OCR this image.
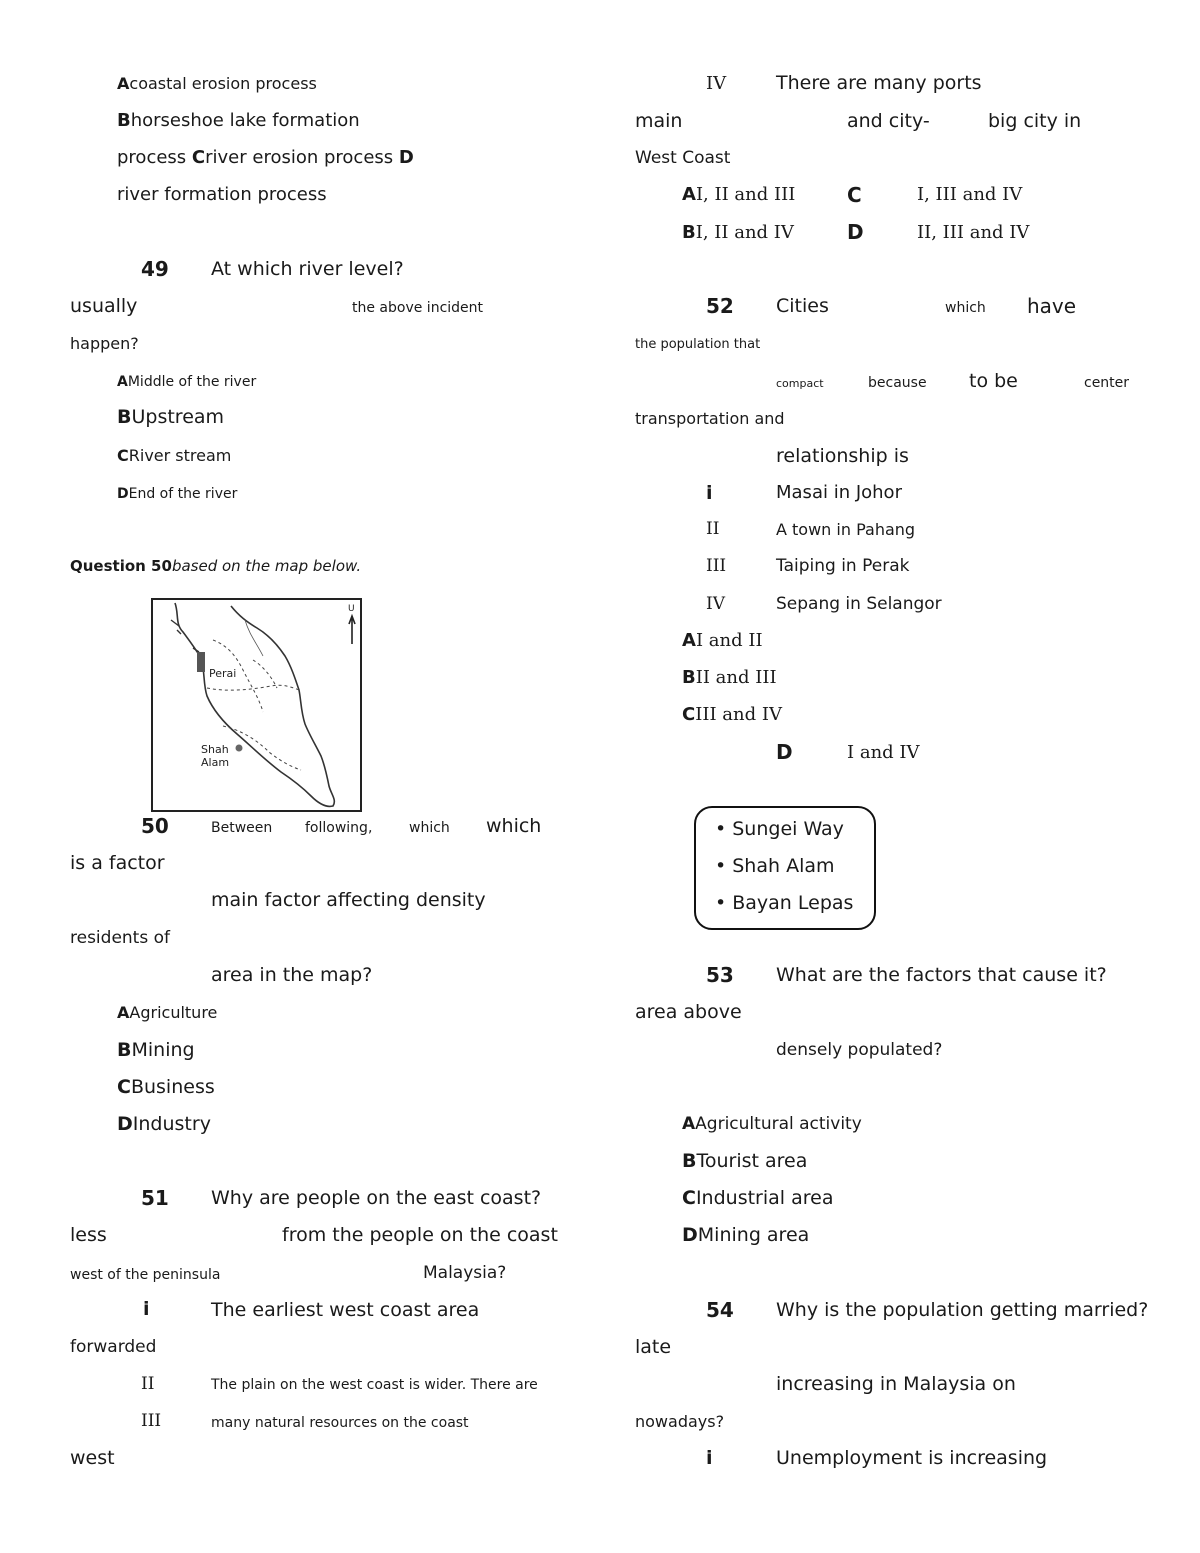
Acoastal erosion process
Bhorseshoe lake formation
process Criver erosion process D
river formation process
49 At which river level?
usually	the above incident
happen?
AMiddle of the river
BUpstream
CRiver stream
DEnd of the river
Question 50based on the map below.
Perai
Shah
Alam
U
50	Between following,	which which
is a factor
main factor affecting density
residents of
area in the map?
AAgriculture
BMining
CBusiness
DIndustry
51 Why are people on the east coast?
less	from the people on the coast
west of the peninsula	Malaysia?
i	The earliest west coast area
forwarded
II	The plain on the west coast is wider. There are
III	many natural resources on the coast
west
IV	There are many ports
main	and city-	big city in
West Coast
AI, II and III	C	I, III and IV
BI, II and IV	D	II, III and IV
52 Cities	which have
the population that
compact	because to be	center
transportation and
relationship is
i	Masai in Johor
II	A town in Pahang
III	Taiping in Perak
IV	Sepang in Selangor
AI and II
BII and III
CIII and IV
D	I and IV
• Sungei Way
• Shah Alam
• Bayan Lepas
53 What are the factors that cause it?
area above
densely populated?
AAgricultural activity
BTourist area
CIndustrial area
DMining area
54 Why is the population getting married?
late
increasing in Malaysia on
nowadays?
i	Unemployment is increasing
